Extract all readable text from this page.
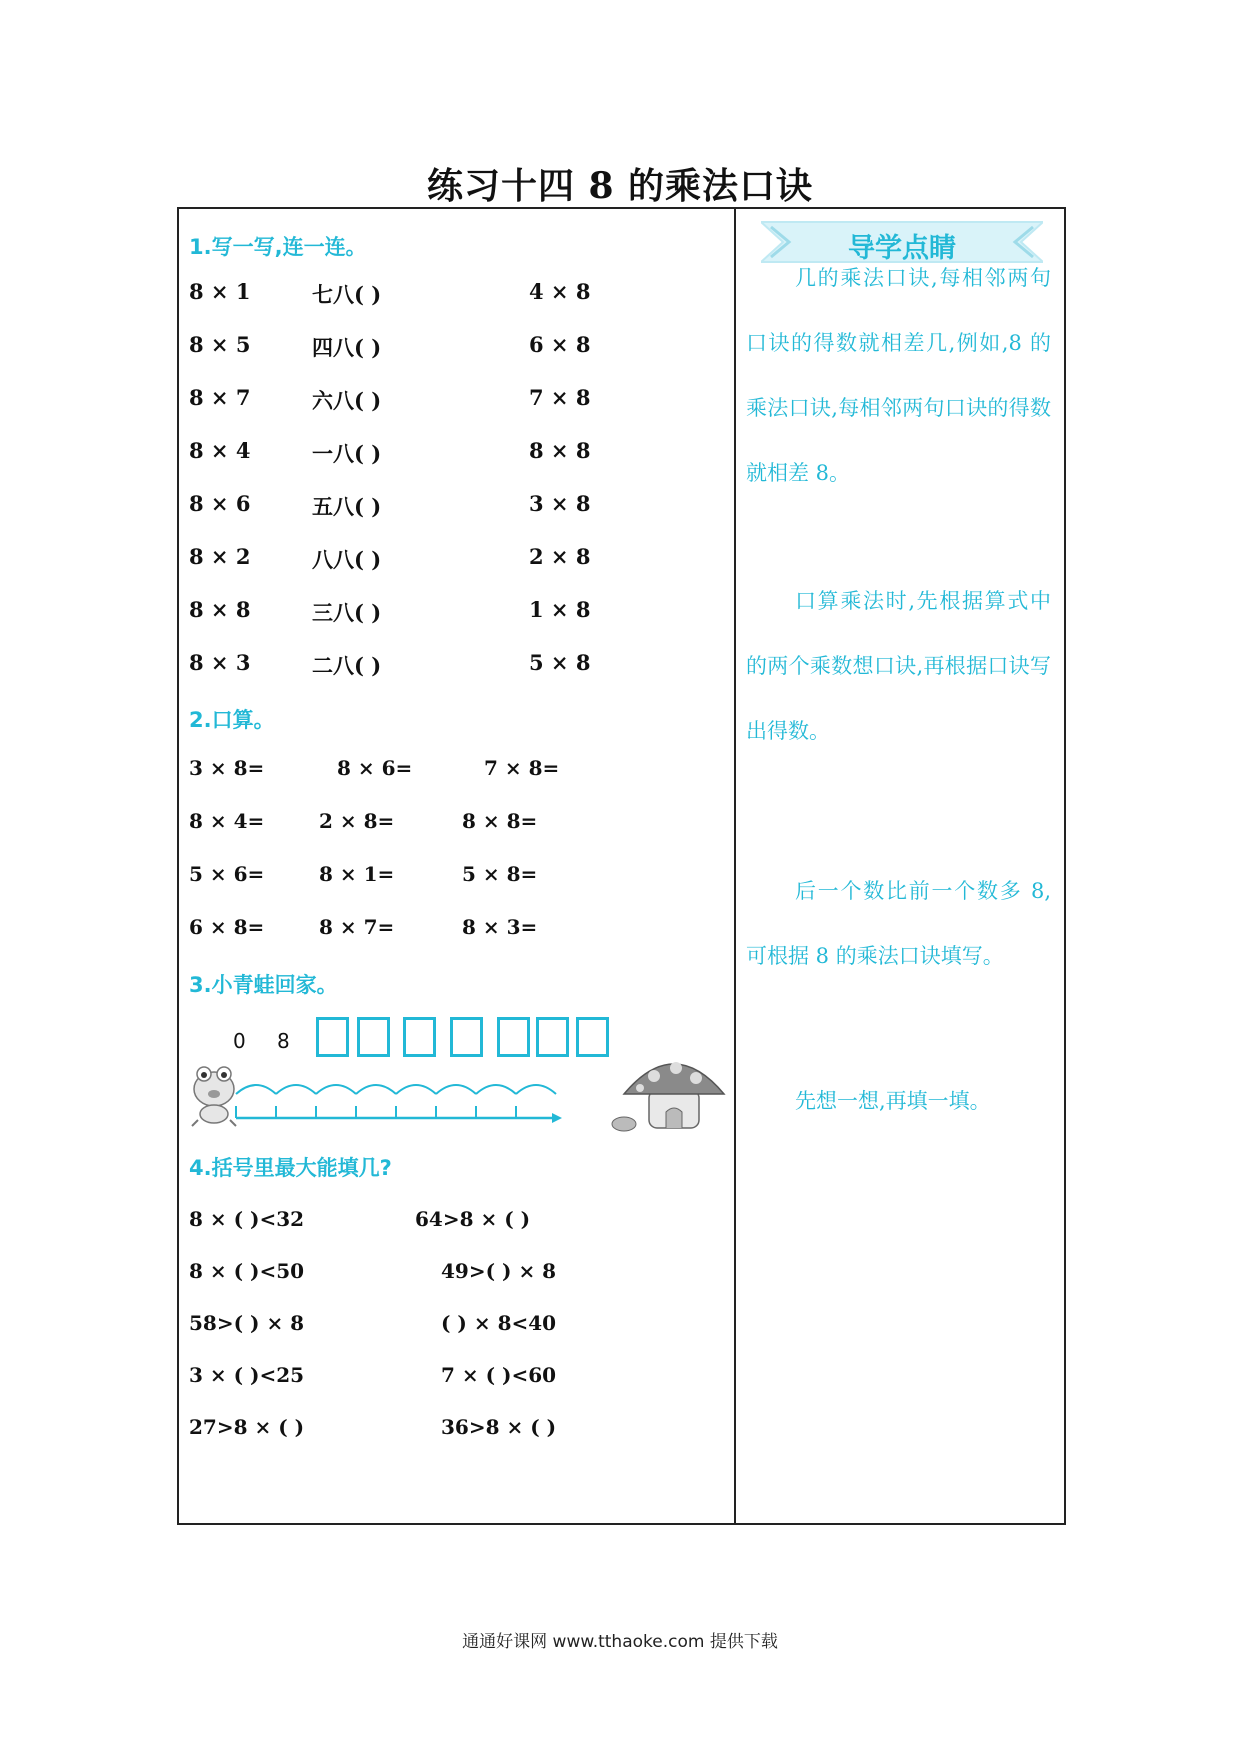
练习十四 8 的乘法口诀
1.写一写,连一连。
8 × 1	七八( )	4 × 8
8 × 5	四八( )	6 × 8
8 × 7	六八( )	7 × 8
8 × 4	一八( )	8 × 8
8 × 6	五八( )	3 × 8
8 × 2	八八( )	2 × 8
8 × 8	三八( )	1 × 8
8 × 3	二八( )	5 × 8
2.口算。
3 × 8=	8 × 6=	7 × 8=
8 × 4=	2 × 8=	8 × 8=
5 × 6=	8 × 1=	5 × 8=
6 × 8=	8 × 7=	8 × 3=
3.小青蛙回家。
0 8
4.括号里最大能填几?
8 × ( )<32	64>8 × ( )
8 × ( )<50	49>( ) × 8
58>( ) × 8	( ) × 8<40
3 × ( )<25	7 × ( )<60
27>8 × ( )	36>8 × ( )
导学点睛
几的乘法口诀,每相邻两句口诀的得数就相差几,例如,8 的乘法口诀,每相邻两句口诀的得数就相差 8。
口算乘法时,先根据算式中的两个乘数想口诀,再根据口诀写出得数。
后一个数比前一个数多 8,可根据 8 的乘法口诀填写。
先想一想,再填一填。
通通好课网 www.tthaoke.com 提供下载
